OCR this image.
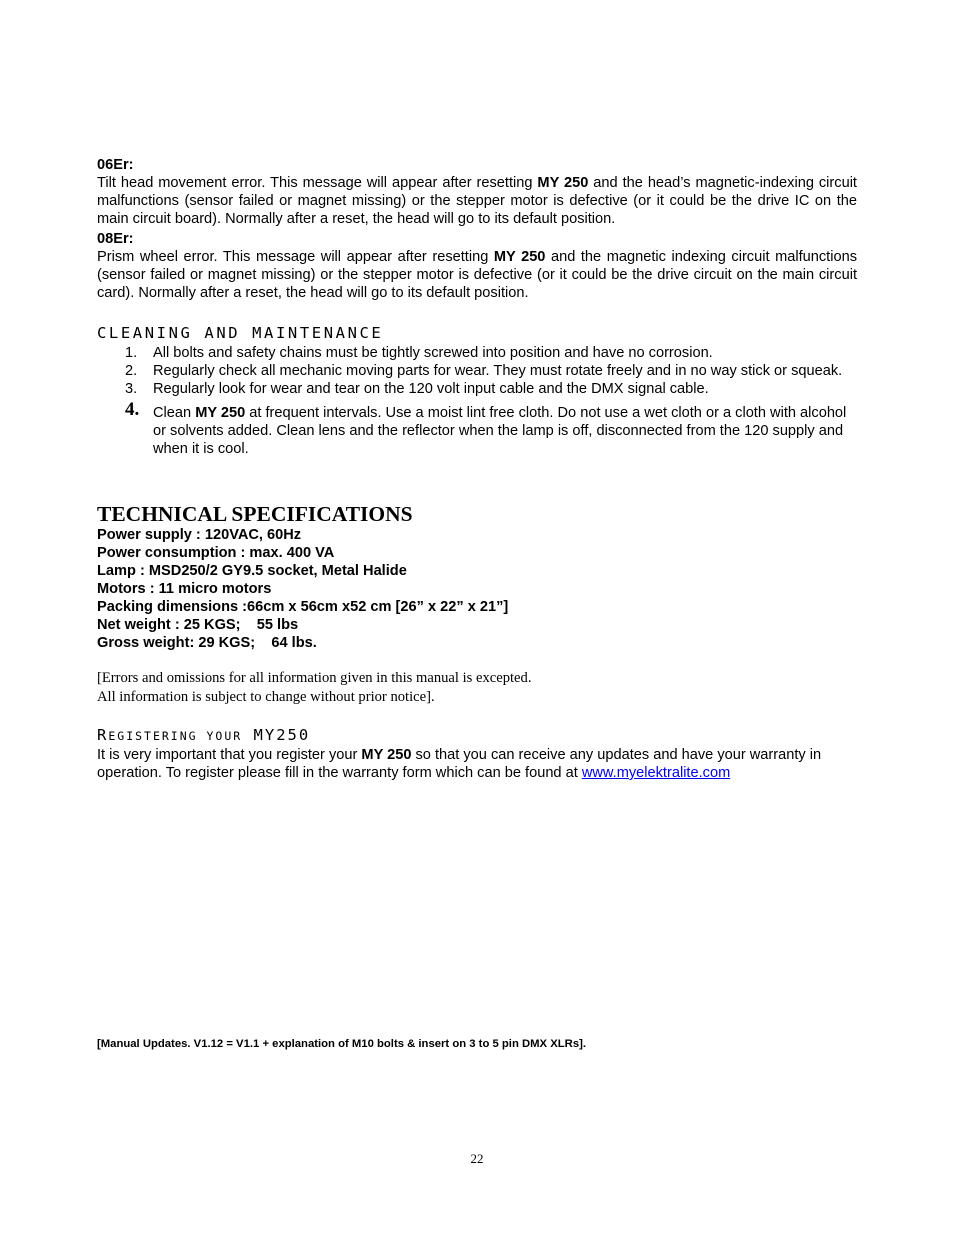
06Er:

Tilt head movement error. This message will appear after resetting MY 250 and the head’s magnetic-indexing circuit malfunctions (sensor failed or magnet missing) or the stepper motor is defective (or it could be the drive IC on the main circuit board). Normally after a reset, the head will go to its default position.

08Er:

Prism wheel error. This message will appear after resetting MY 250 and the magnetic indexing circuit malfunctions (sensor failed or magnet missing) or the stepper motor is defective (or it could be the drive circuit on the main circuit card). Normally after a reset, the head will go to its default position.

CLEANING AND MAINTENANCE
1. All bolts and safety chains must be tightly screwed into position and have no corrosion.
2. Regularly check all mechanic moving parts for wear. They must rotate freely and in no way stick or squeak.
3. Regularly look for wear and tear on the 120 volt input cable and the DMX signal cable.
4. Clean MY 250 at frequent intervals. Use a moist lint free cloth. Do not use a wet cloth or a cloth with alcohol or solvents added. Clean lens and the reflector when the lamp is off, disconnected from the 120 supply and when it is cool.
TECHNICAL SPECIFICATIONS

Power supply : 120VAC, 60Hz

Power consumption : max. 400 VA

Lamp : MSD250/2 GY9.5 socket, Metal Halide

Motors : 11 micro motors

Packing dimensions :66cm x 56cm x52 cm [26” x 22” x 21”]

Net weight : 25 KGS;    55 lbs

Gross weight: 29 KGS;    64 lbs.

[Errors and omissions for all information given in this manual is excepted.
All information is subject to change without prior notice].
REGISTERING YOUR MY250

It is very important that you register your MY 250 so that you can receive any updates and have your warranty in operation. To register please fill in the warranty form which can be found at www.myelektralite.com

[Manual Updates. V1.12 = V1.1 + explanation of M10 bolts & insert on 3 to 5 pin DMX XLRs].
22
